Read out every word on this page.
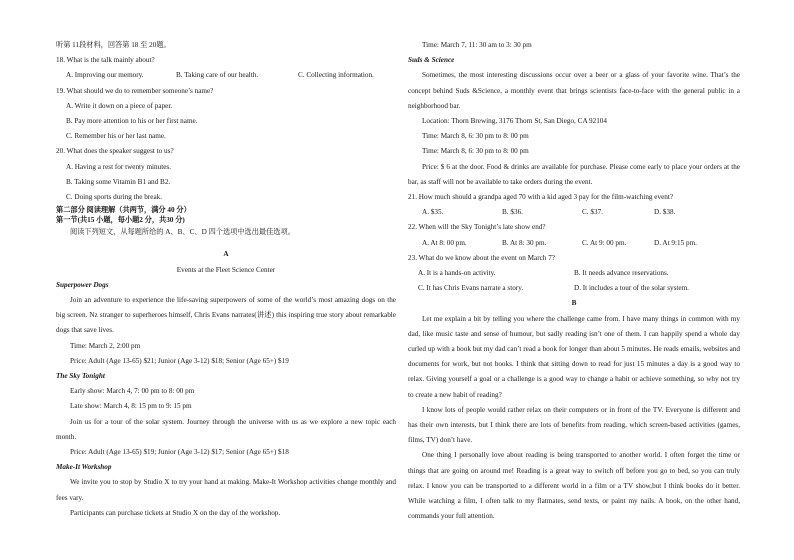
听第 11段材料，回答第 18 至 20题。
18. What is the talk mainly about?
A. Improving our memory.	B. Taking care of our health.	C. Collecting information.
19. What should we do to remember someone’s name?
A. Write it down on a piece of paper.
B. Pay more attention to his or her first name.
C. Remember his or her last name.
20. What does the speaker suggest to us?
A. Having a rest for twenty minutes.
B. Taking some Vitamin B1 and B2.
C. Doing sports during the break.
第二部分 阅读理解（共两节，满分 40 分）
第一节(共15 小题，每小题2 分，共30 分)
阅读下列短文，从每题所给的 A、B、C、D 四个选项中选出最佳选项。
A
Events at the Fleet Science Center
Superpower Dogs
Join an adventure to experience the life-saving superpowers of some of the world’s most amazing dogs on the big screen. Nz stranger to superheroes himself, Chris Evans narrates(讲述) this inspiring true story about remarkable dogs that save lives.
Time: March 2, 2:00 pm
Price: Adult (Age 13-65) $21; Junior (Age 3-12) $18; Senior (Age 65+) $19
The Sky Tonight
Early show: March 4, 7: 00 pm to 8: 00 pm
Late show: March 4, 8: 15 pm to 9: 15 pm
Join us for a tour of the solar system. Journey through the universe with us as we explore a new topic each month.
Price: Adult (Age 13-65) $19; Junior (Age 3-12) $17; Senior (Age 65+) $18
Make-It Workshop
We invite you to stop by Studio X to try your hand at making. Make-It Workshop activities change monthly and fees vary.
Participants can purchase tickets at Studio X on the day of the workshop.
Time: March 7, 11: 30 am to 3: 30 pm
Suds & Science
Sometimes, the most interesting discussions occur over a beer or a glass of your favorite wine. That’s the concept behind Suds &Science, a monthly event that brings scientists face-to-face with the general public in a neighborhood bar.
Location: Thorn Brewing, 3176 Thorn St, San Diego, CA 92104
Time: March 8, 6: 30 pm to 8: 00 pm
Time: March 8, 6: 30 pm to 8: 00 pm
Price: $ 6 at the door. Food & drinks are available for purchase. Please come early to place your orders at the bar, as staff will not be available to take orders during the event.
21. How much should a grandpa aged 70 with a kid aged 3 pay for the film-watching event?
A. $35.	B. $36.	C. $37.	D. $38.
22. When will the Sky Tonight’s late show end?
A. At 8: 00 pm.	B. At 8: 30 pm.	C. At 9: 00 pm.	D. At 9:15 pm.
23. What do we know about the event on March 7?
A. It is a hands-on activity.	B. It needs advance reservations.
C. It has Chris Evans narrate a story.	D. It includes a tour of the solar system.
B
Let me explain a bit by telling you where the challenge came from. I have many things in common with my dad, like music taste and sense of humour, but sadly reading isn’t one of them. I can happily spend a whole day curled up with a book but my dad can’t read a book for longer than about 5 minutes. He reads emails, websites and documents for work, but not books. I think that sitting down to read for just 15 minutes a day is a good way to relax. Giving yourself a goal or a challenge is a good way to change a habit or achieve something, so why not try to create a new habit of reading?
I know lots of people would rather relax on their computers or in front of the TV. Everyone is different and has their own interests, but I think there are lots of benefits from reading, which screen-based activities (games, films, TV) don’t have.
One thing I personally love about reading is being transported to another world. I often forget the time or things that are going on around me! Reading is a great way to switch off before you go to bed, so you can truly relax. I know you can be transported to a different world in a film or a TV show,but I think books do it better. While watching a film, I often talk to my flatmates, send texts, or paint my nails. A book, on the other hand, commands your full attention.
